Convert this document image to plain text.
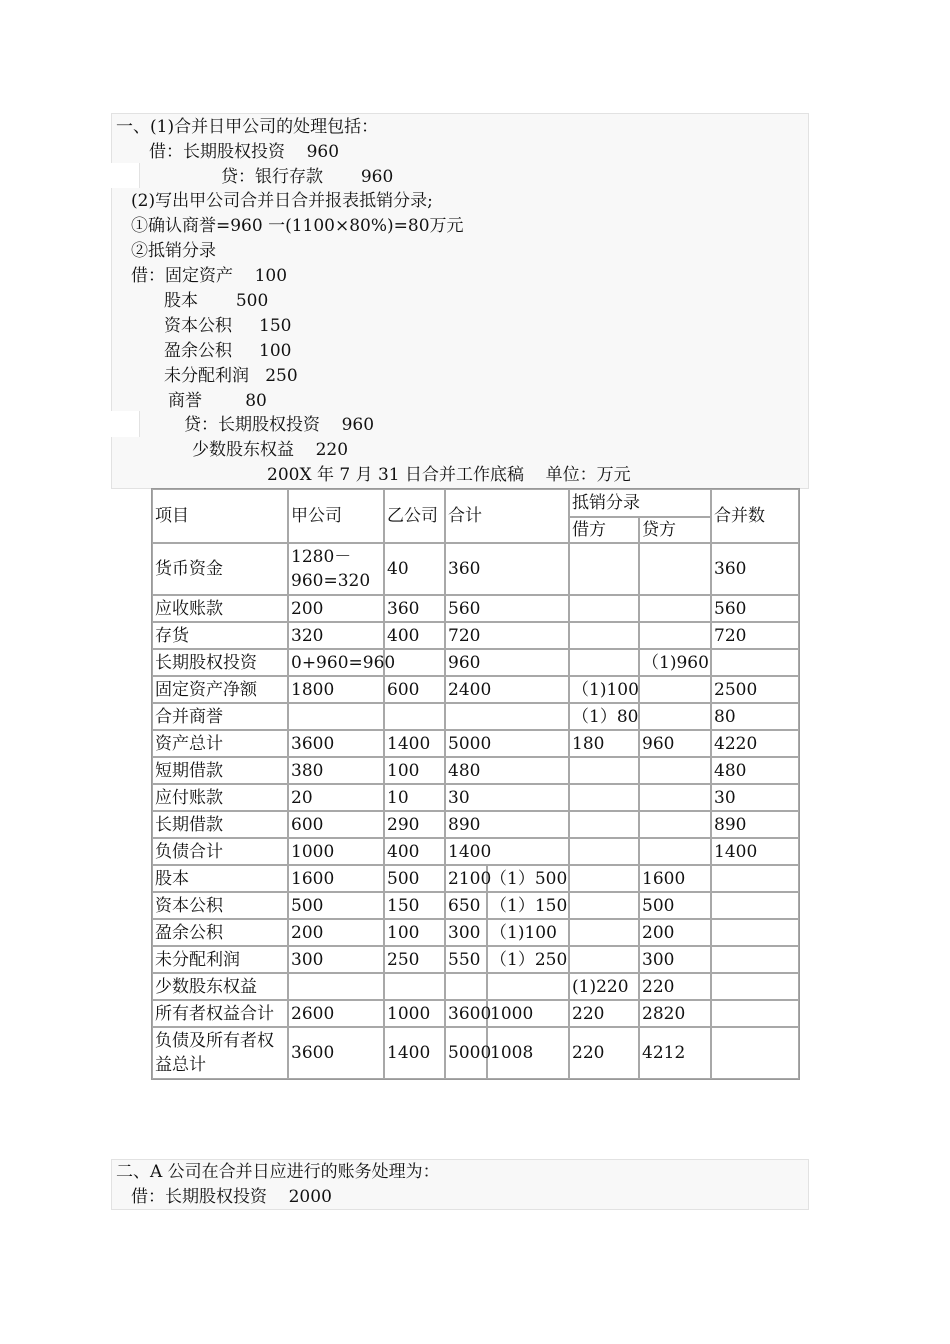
一、(1)合并日甲公司的处理包括：
借：长期股权投资    960
贷：银行存款       960
(2)写出甲公司合并日合并报表抵销分录;
①确认商誉=960 一(1100×80%)=80万元
②抵销分录
借：固定资产    100
股本       500
资本公积     150
盈余公积     100
未分配利润   250
商誉        80
贷：长期股权投资    960
少数股东权益    220
200X 年 7 月 31 日合并工作底稿    单位：万元
项目	甲公司	乙公司	合计		抵销分录		合并数
					借方	贷方	
货币资金	1280－960=320	40	360				360
应收账款	200	360	560				560
存货	320	400	720				720
长期股权投资	0+960=960		960			（1)960	
固定资产净额	1800	600	2400		（1)100		2500
合并商誉					（1）80		80
资产总计	3600	1400	5000		180	960	4220
短期借款	380	100	480				480
应付账款	20	10	30				30
长期借款	600	290	890				890
负债合计	1000	400	1400				1400
股本	1600	500	2100	（1）500		1600	
资本公积	500	150	650	（1）150		500	
盈余公积	200	100	300	（1)100		200	
未分配利润	300	250	550	（1）250		300	
少数股东权益					(1)220	220	
所有者权益合计	2600	1000	3600	1000	220	2820	
负债及所有者权益总计	3600	1400	5000	1008	220	4212	
二、A 公司在合并日应进行的账务处理为：
借：长期股权投资    2000
